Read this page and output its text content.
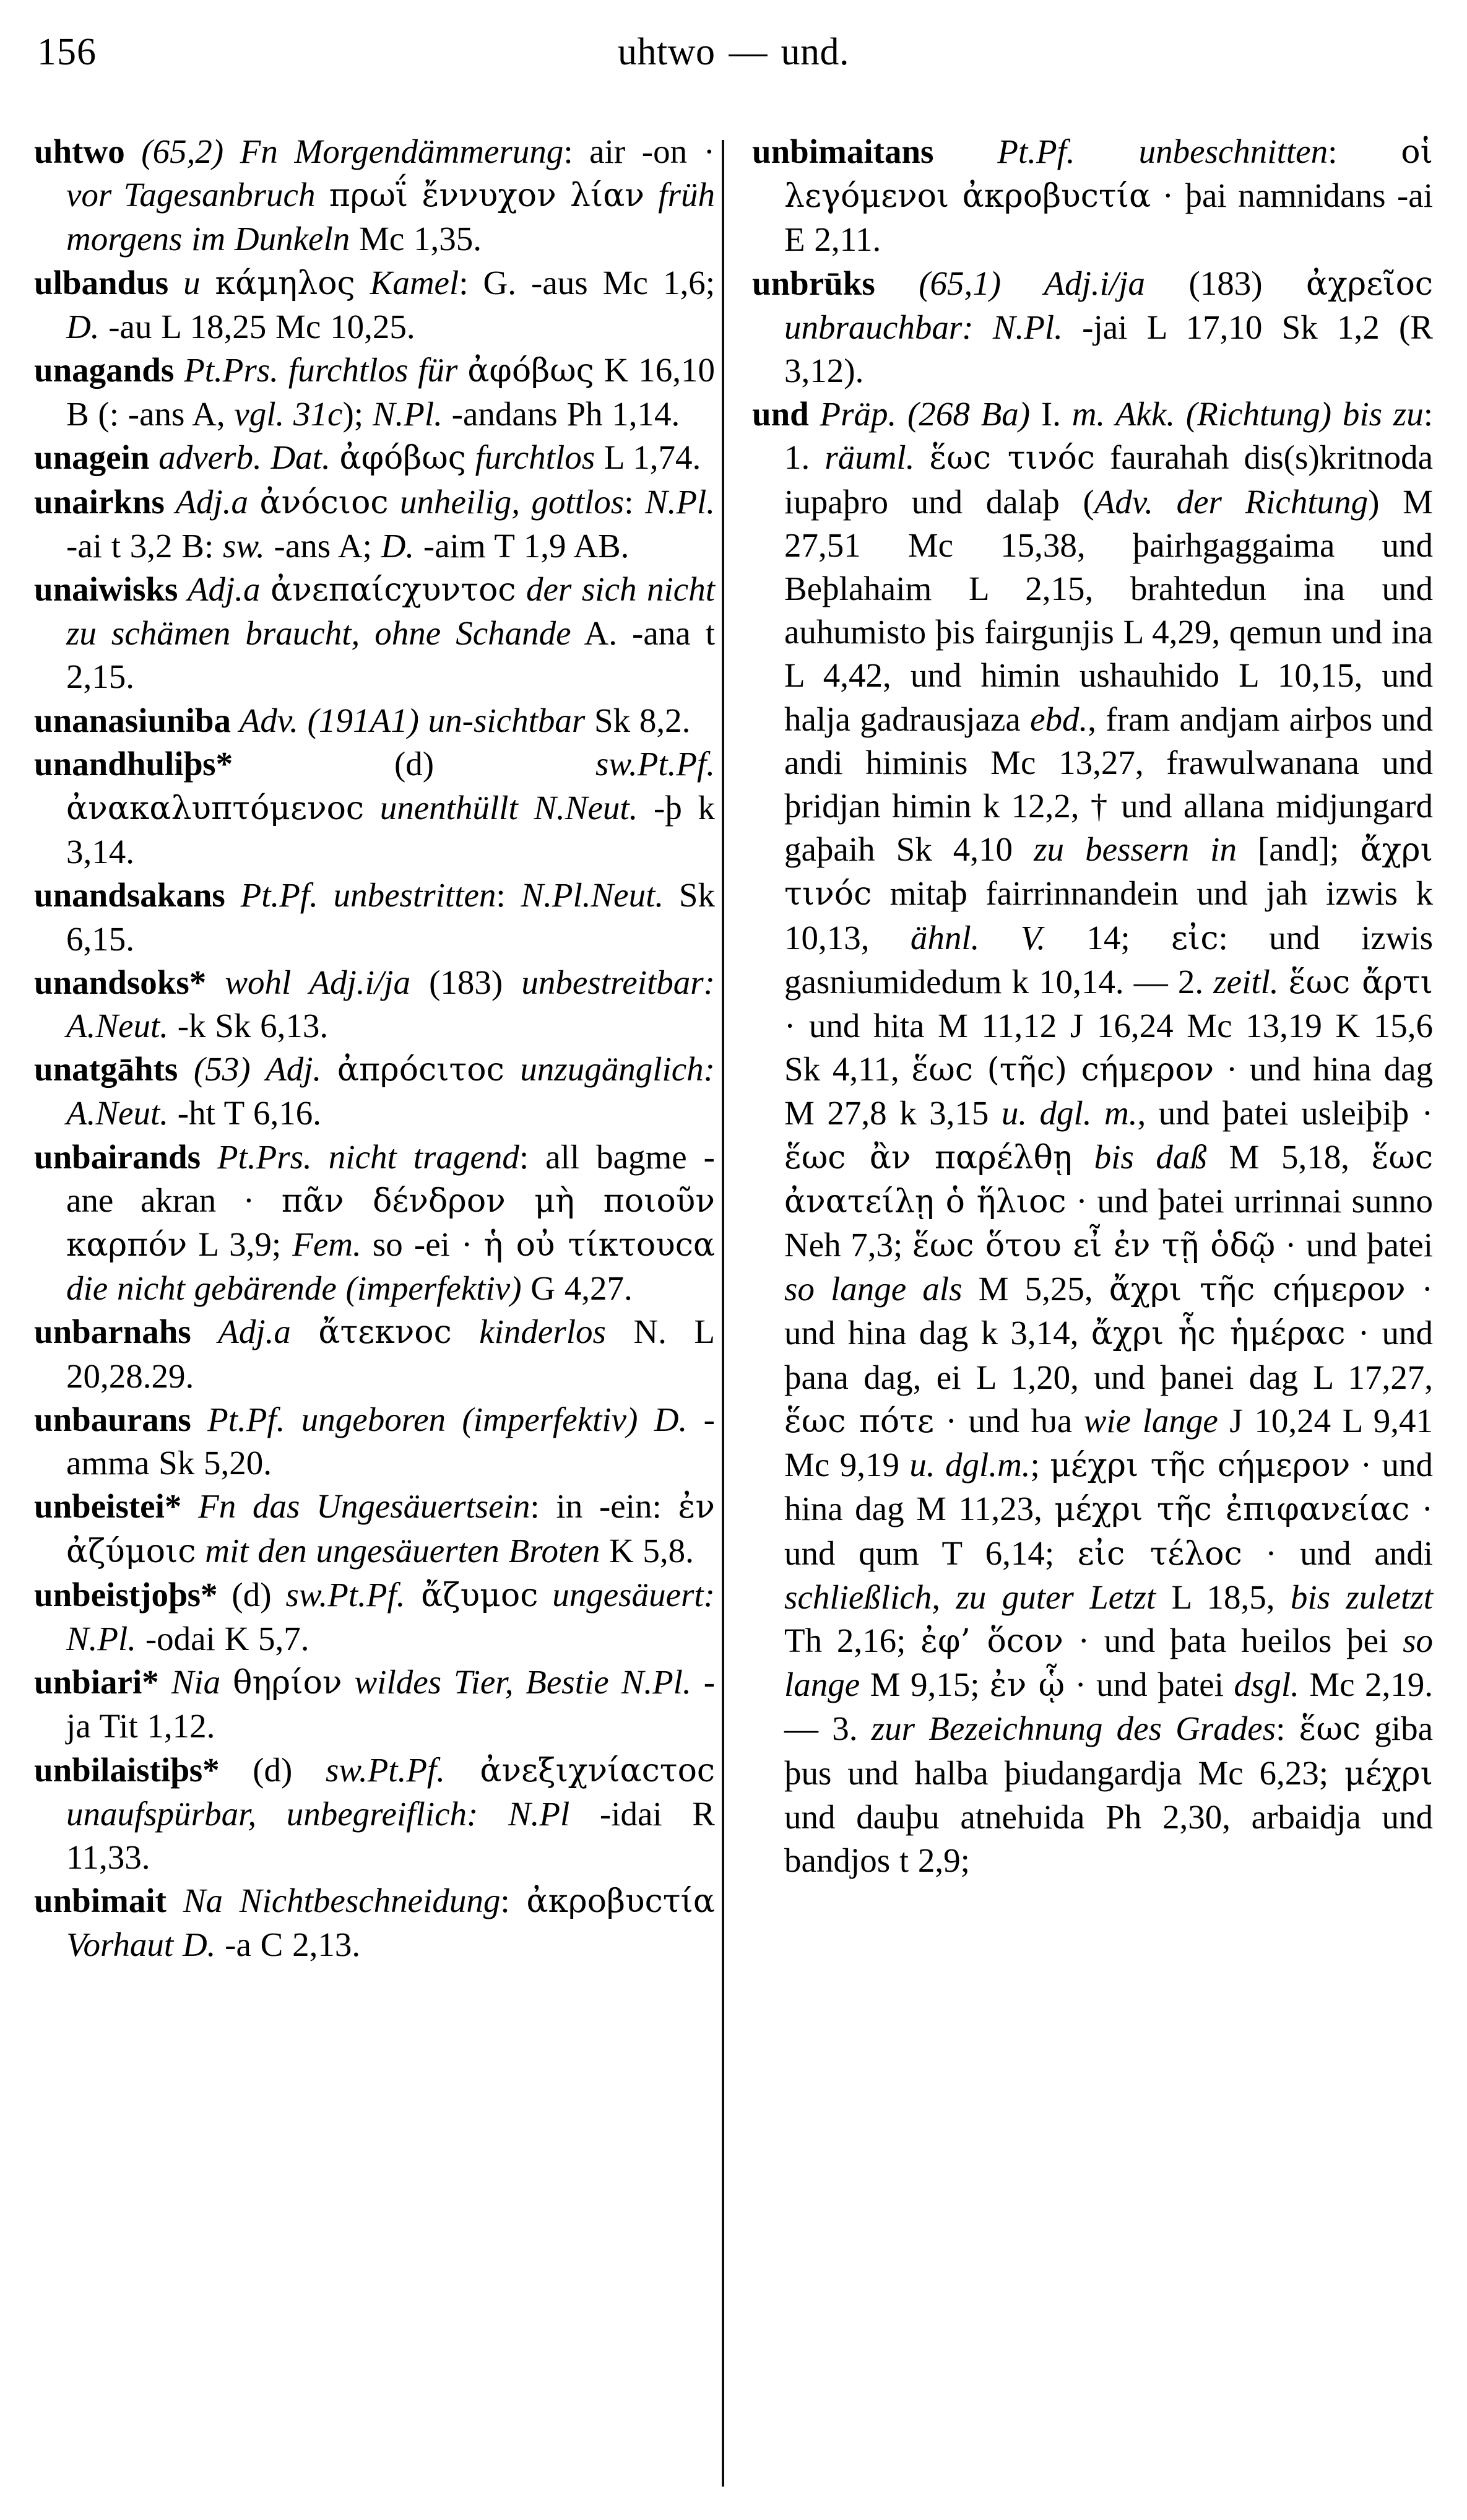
156	uhtwo — und.
uhtwo (65,2) Fn Morgendämmerung: air -on · vor Tagesanbruch πρωΐ ἔννυχον λίαν früh morgens im Dunkeln Mc 1,35.
ulbandus u κάμηλος Kamel: G. -aus Mc 1,6; D. -au L 18,25 Mc 10,25.
unagands Pt.Prs. furchtlos für ἀφόβως K 16,10 B (: -ans A, vgl. 31c); N.Pl. -andans Ph 1,14.
unagein adverb. Dat. ἀφόβως furchtlos L 1,74.
unairkns Adj.a ἀνόcιοc unheilig, gottlos: N.Pl. -ai t 3,2 B: sw. -ans A; D. -aim T 1,9 AB.
unaiwisks Adj.a ἀνεπαίcχυντοc der sich nicht zu schämen braucht, ohne Schande A. -ana t 2,15.
unanasiuniba Adv. (191A1) un-sichtbar Sk 8,2.
unandhuliþs* (d) sw.Pt.Pf. ἀνακαλυπτόμενοc unenthüllt N.Neut. -þ k 3,14.
unandsakans Pt.Pf. unbestritten: N.Pl.Neut. Sk 6,15.
unandsoks* wohl Adj.i/ja (183) unbestreitbar: A.Neut. -k Sk 6,13.
unatgāhts (53) Adj. ἀπρόcιτοc unzugänglich: A.Neut. -ht T 6,16.
unbairands Pt.Prs. nicht tragend: all bagme -ane akran · πᾶν δένδρον μὴ ποιοῦν καρπόν L 3,9; Fem. so -ei · ἡ οὐ τίκτουcα die nicht gebärende (imperfektiv) G 4,27.
unbarnahs Adj.a ἄτεκνοc kinderlos N. L 20,28.29.
unbaurans Pt.Pf. ungeboren (imperfektiv) D. -amma Sk 5,20.
unbeistei* Fn das Ungesäuertsein: in -ein: ἐν ἀζύμοιc mit den ungesäuerten Broten K 5,8.
unbeistjoþs* (d) sw.Pt.Pf. ἄζυμοc ungesäuert: N.Pl. -odai K 5,7.
unbiari* Nia θηρίον wildes Tier, Bestie N.Pl. -ja Tit 1,12.
unbilaistiþs* (d) sw.Pt.Pf. ἀνεξιχνίαcτοc unaufspürbar, unbegreiflich: N.Pl -idai R 11,33.
unbimait Na Nichtbeschneidung: ἀκροβυcτία Vorhaut D. -a C 2,13.
unbimaitans Pt.Pf. unbeschnitten: οἱ λεγόμενοι ἀκροβυcτία · þai namnidans -ai E 2,11.
unbrūks (65,1) Adj.i/ja (183) ἀχρεῖοc unbrauchbar: N.Pl. -jai L 17,10 Sk 1,2 (R 3,12).
und Präp. (268 Ba) I. m. Akk. (Richtung) bis zu: 1. räuml. ἕωc τινόc faurahah dis(s)kritnoda iupaþro und dalaþ (Adv. der Richtung) M 27,51 Mc 15,38, þairhgaggaima und Beþlahaim L 2,15, brahtedun ina und auhumisto þis fairgunjis L 4,29, qemun und ina L 4,42, und himin ushauhido L 10,15, und halja gadrausjaza ebd., fram andjam airþos und andi himinis Mc 13,27, frawulwanana und þridjan himin k 12,2, † und allana midjungard gaþaih Sk 4,10 zu bessern in [and]; ἄχρι τινόc mitaþ fairrinnandein und jah izwis k 10,13, ähnl. V. 14; εἰc: und izwis gasniumidedum k 10,14. — 2. zeitl. ἕωc ἄρτι · und hita M 11,12 J 16,24 Mc 13,19 K 15,6 Sk 4,11, ἕωc (τῆc) cήμερον · und hina dag M 27,8 k 3,15 u. dgl. m., und þatei usleiþiþ · ἕωc ἂν παρέλθῃ bis daß M 5,18, ἕωc ἀνατείλῃ ὁ ἥλιοc · und þatei urrinnai sunno Neh 7,3; ἕωc ὅτου εἶ ἐν τῇ ὁδῷ · und þatei so lange als M 5,25, ἄχρι τῆc cήμερον · und hina dag k 3,14, ἄχρι ἧc ἡμέραc · und þana dag, ei L 1,20, und þanei dag L 17,27, ἕωc πότε · und ƕa wie lange J 10,24 L 9,41 Mc 9,19 u. dgl.m.; μέχρι τῆc cήμερον · und hina dag M 11,23, μέχρι τῆc ἐπιφανείαc · und qum T 6,14; εἰc τέλοc · und andi schließlich, zu guter Letzt L 18,5, bis zuletzt Th 2,16; ἐφ’ ὅcον · und þata ƕeilos þei so lange M 9,15; ἐν ᾧ · und þatei dsgl. Mc 2,19. — 3. zur Bezeichnung des Grades: ἕωc giba þus und halba þiudangardja Mc 6,23; μέχρι und dauþu atneƕida Ph 2,30, arbaidja und bandjos t 2,9;
